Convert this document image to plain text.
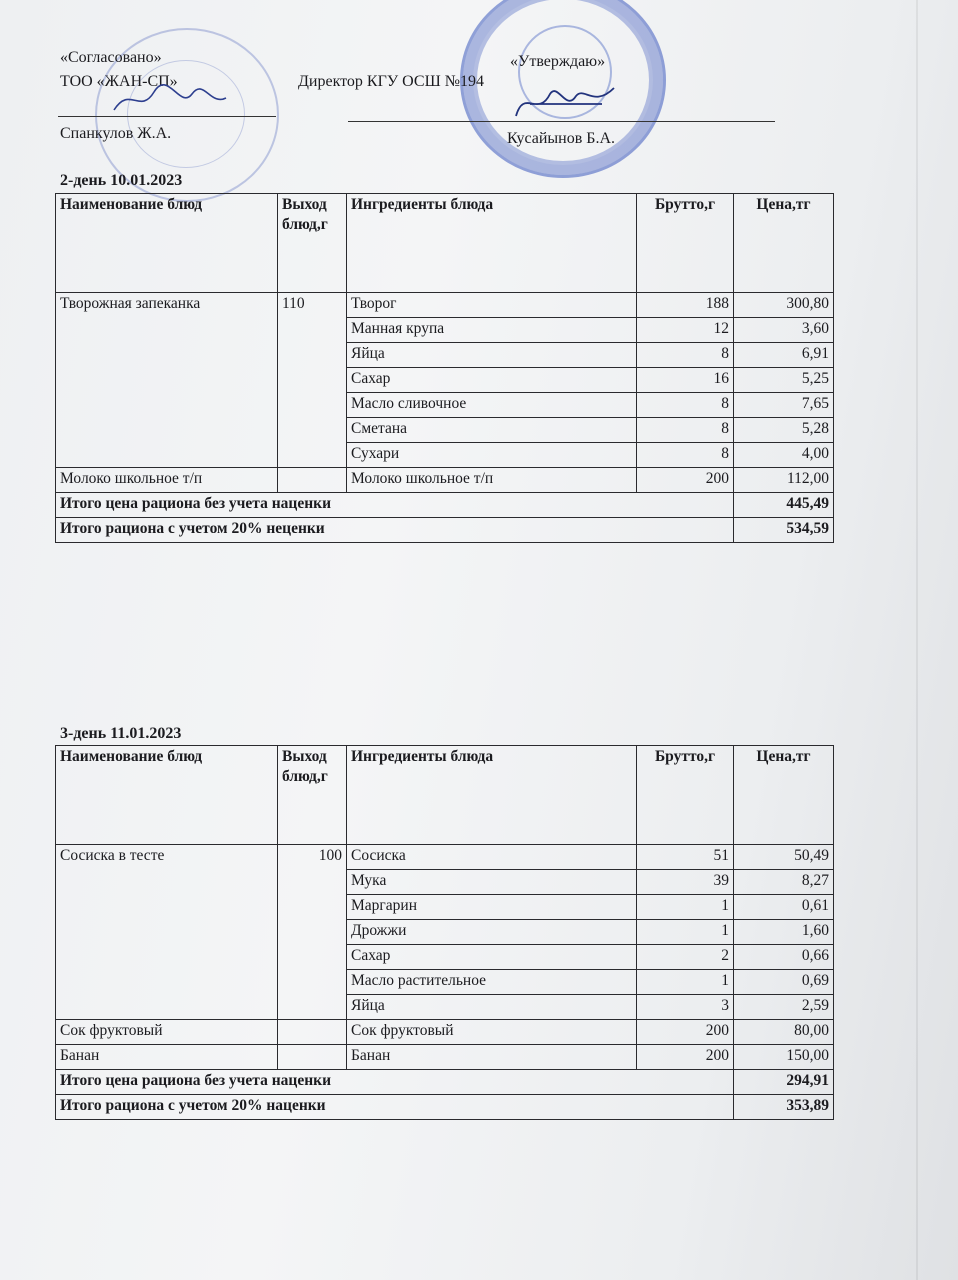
«Согласовано»
ТОО «ЖАН-СП»	Директор КГУ ОСШ №194
«Утверждаю»
Спанкулов Ж.А.	Кусайынов Б.А.
2-день 10.01.2023
Наименование блюд	Выход блюд,г	Ингредиенты блюда	Брутто,г	Цена,тг
Творожная запеканка	110	Творог	188	300,80
		Манная крупа	12	3,60
		Яйца	8	6,91
		Сахар	16	5,25
		Масло сливочное	8	7,65
		Сметана	8	5,28
		Сухари	8	4,00
Молоко школьное т/п		Молоко школьное т/п	200	112,00
Итого цена рациона без учета наценки				445,49
Итого рациона с учетом 20% неценки				534,59
3-день 11.01.2023
Наименование блюд	Выход блюд,г	Ингредиенты блюда	Брутто,г	Цена,тг
Сосиска в тесте	100	Сосиска	51	50,49
		Мука	39	8,27
		Маргарин	1	0,61
		Дрожжи	1	1,60
		Сахар	2	0,66
		Масло растительное	1	0,69
		Яйца	3	2,59
Сок фруктовый		Сок фруктовый	200	80,00
Банан		Банан	200	150,00
Итого цена рациона без учета наценки				294,91
Итого рациона с учетом 20% наценки				353,89
